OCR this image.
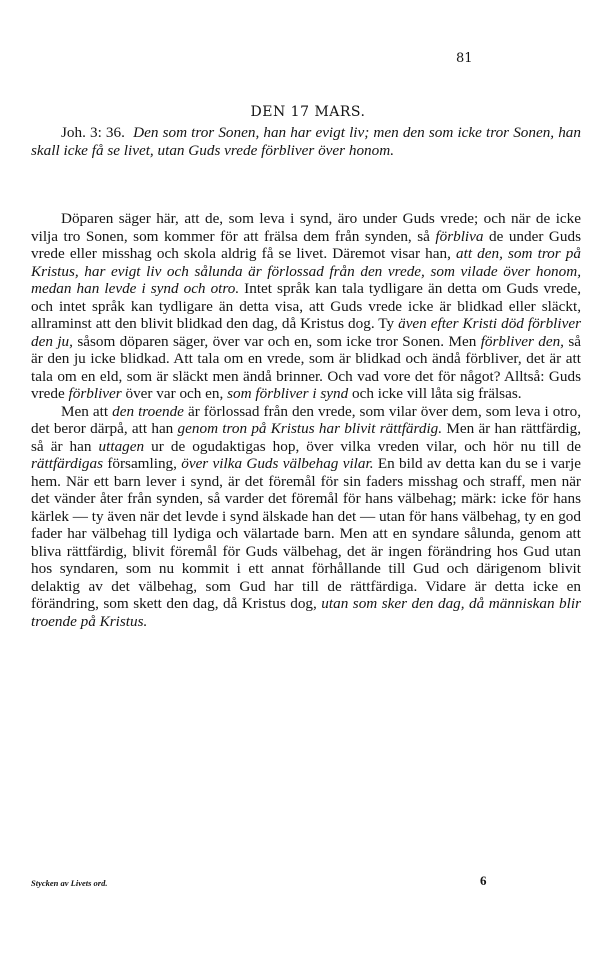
81
DEN 17 MARS.

Joh. 3: 36. Den som tror Sonen, han har evigt liv; men den som icke tror Sonen, han skall icke få se livet, utan Guds vrede förbliver över honom.

Döparen säger här, att de, som leva i synd, äro under Guds vrede; och när de icke vilja tro Sonen, som kommer för att frälsa dem från synden, så förbliva de under Guds vrede eller misshag och skola aldrig få se livet. Däremot visar han, att den, som tror på Kristus, har evigt liv och sålunda är förlossad från den vrede, som vilade över honom, medan han levde i synd och otro. Intet språk kan tala tydligare än detta om Guds vrede, och intet språk kan tydligare än detta visa, att Guds vrede icke är blidkad eller släckt, allraminst att den blivit blidkad den dag, då Kristus dog. Ty även efter Kristi död förbliver den ju, såsom döparen säger, över var och en, som icke tror Sonen. Men förbliver den, så är den ju icke blidkad. Att tala om en vrede, som är blidkad och ändå förbliver, det är att tala om en eld, som är släckt men ändå brinner. Och vad vore det för något? Alltså: Guds vrede förbliver över var och en, som förbliver i synd och icke vill låta sig frälsas.

Men att den troende är förlossad från den vrede, som vilar över dem, som leva i otro, det beror därpå, att han genom tron på Kristus har blivit rättfärdig. Men är han rättfärdig, så är han uttagen ur de ogudaktigas hop, över vilka vreden vilar, och hör nu till de rättfärdigas församling, över vilka Guds välbehag vilar. En bild av detta kan du se i varje hem. När ett barn lever i synd, är det föremål för sin faders misshag och straff, men när det vänder åter från synden, så varder det föremål för hans välbehag; märk: icke för hans kärlek — ty även när det levde i synd älskade han det — utan för hans välbehag, ty en god fader har välbehag till lydiga och välartade barn. Men att en syndare sålunda, genom att bliva rättfärdig, blivit föremål för Guds välbehag, det är ingen förändring hos Gud utan hos syndaren, som nu kommit i ett annat förhållande till Gud och därigenom blivit delaktig av det välbehag, som Gud har till de rättfärdiga. Vidare är detta icke en förändring, som skett den dag, då Kristus dog, utan som sker den dag, då människan blir troende på Kristus.

Stycken av Livets ord.	6
